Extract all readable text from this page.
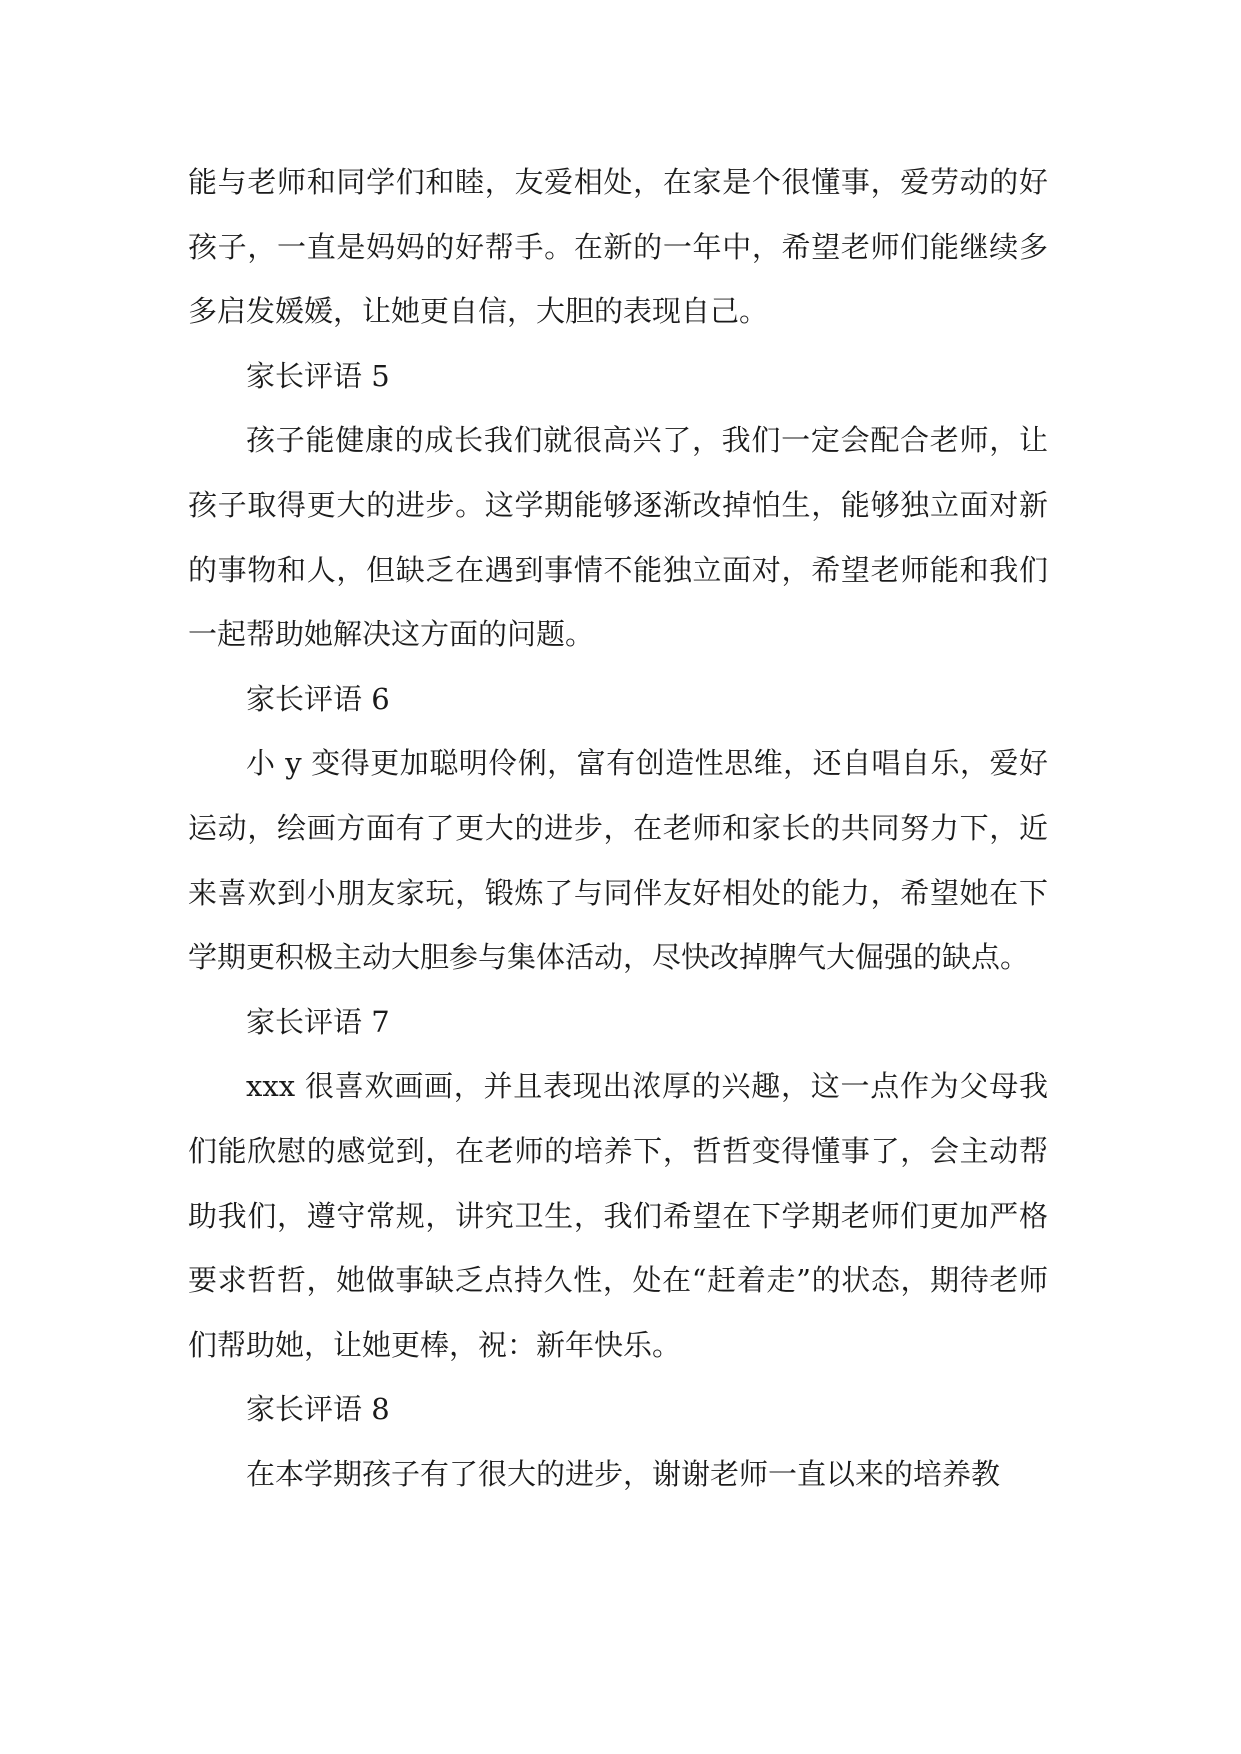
能与老师和同学们和睦，友爱相处，在家是个很懂事，爱劳动的好孩子，一直是妈妈的好帮手。在新的一年中，希望老师们能继续多多启发媛媛，让她更自信，大胆的表现自己。

家长评语 5

孩子能健康的成长我们就很高兴了，我们一定会配合老师，让孩子取得更大的进步。这学期能够逐渐改掉怕生，能够独立面对新的事物和人，但缺乏在遇到事情不能独立面对，希望老师能和我们一起帮助她解决这方面的问题。

家长评语 6

小 y 变得更加聪明伶俐，富有创造性思维，还自唱自乐，爱好运动，绘画方面有了更大的进步，在老师和家长的共同努力下，近来喜欢到小朋友家玩，锻炼了与同伴友好相处的能力，希望她在下学期更积极主动大胆参与集体活动，尽快改掉脾气大倔强的缺点。

家长评语 7

xxx 很喜欢画画，并且表现出浓厚的兴趣，这一点作为父母我们能欣慰的感觉到，在老师的培养下，哲哲变得懂事了，会主动帮助我们，遵守常规，讲究卫生，我们希望在下学期老师们更加严格要求哲哲，她做事缺乏点持久性，处在“赶着走”的状态，期待老师们帮助她，让她更棒，祝：新年快乐。

家长评语 8

在本学期孩子有了很大的进步，谢谢老师一直以来的培养教
